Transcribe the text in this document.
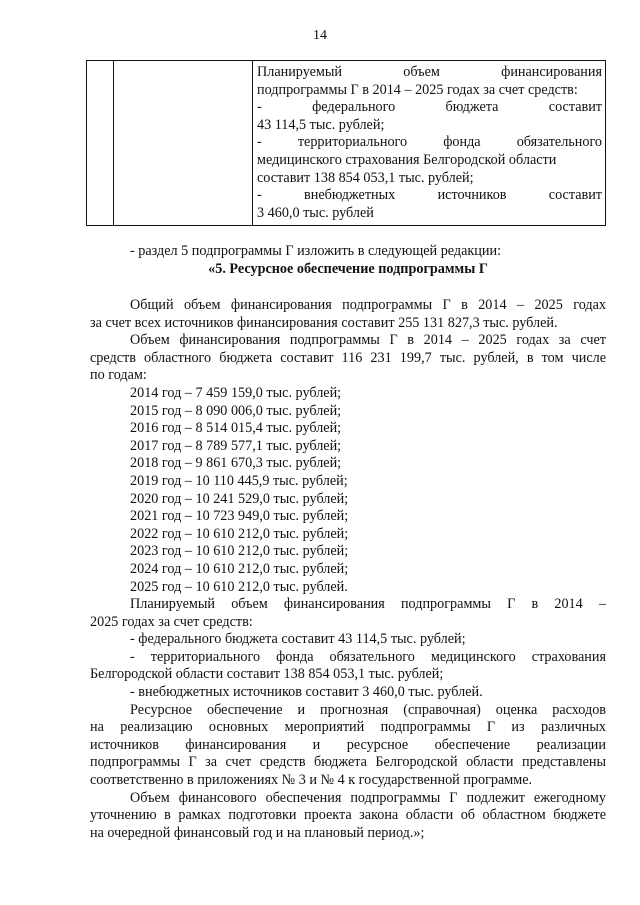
14

Планируемый объем финансирования
подпрограммы Г в 2014 – 2025 годах за счет средств:
- федерального бюджета составит
43 114,5 тыс. рублей;
- территориального фонда обязательного
медицинского страхования Белгородской области
составит 138 854 053,1 тыс. рублей;
- внебюджетных источников составит
3 460,0 тыс. рублей

- раздел 5 подпрограммы Г изложить в следующей редакции:

«5. Ресурсное обеспечение подпрограммы Г

Общий объем финансирования подпрограммы Г в 2014 – 2025 годах

за счет всех источников финансирования составит 255 131 827,3 тыс. рублей.

Объем финансирования подпрограммы Г в 2014 – 2025 годах за счет

средств областного бюджета составит 116 231 199,7 тыс. рублей, в том числе

по годам:

2014 год – 7 459 159,0 тыс. рублей;

2015 год – 8 090 006,0 тыс. рублей;

2016 год – 8 514 015,4 тыс. рублей;

2017 год – 8 789 577,1 тыс. рублей;

2018 год – 9 861 670,3 тыс. рублей;

2019 год – 10 110 445,9 тыс. рублей;

2020 год – 10 241 529,0 тыс. рублей;

2021 год – 10 723 949,0 тыс. рублей;

2022 год – 10 610 212,0 тыс. рублей;

2023 год – 10 610 212,0 тыс. рублей;

2024 год – 10 610 212,0 тыс. рублей;

2025 год – 10 610 212,0 тыс. рублей.

Планируемый объем финансирования подпрограммы Г в 2014 –

2025 годах за счет средств:

- федерального бюджета составит 43 114,5 тыс. рублей;

- территориального фонда обязательного медицинского страхования

Белгородской области составит 138 854 053,1 тыс. рублей;

- внебюджетных источников составит 3 460,0 тыс. рублей.

Ресурсное обеспечение и прогнозная (справочная) оценка расходов

на реализацию основных мероприятий подпрограммы Г из различных

источников финансирования и ресурсное обеспечение реализации

подпрограммы Г за счет средств бюджета Белгородской области представлены

соответственно в приложениях № 3 и № 4 к государственной программе.

Объем финансового обеспечения подпрограммы Г подлежит ежегодному

уточнению в рамках подготовки проекта закона области об областном бюджете

на очередной финансовый год и на плановый период.»;
